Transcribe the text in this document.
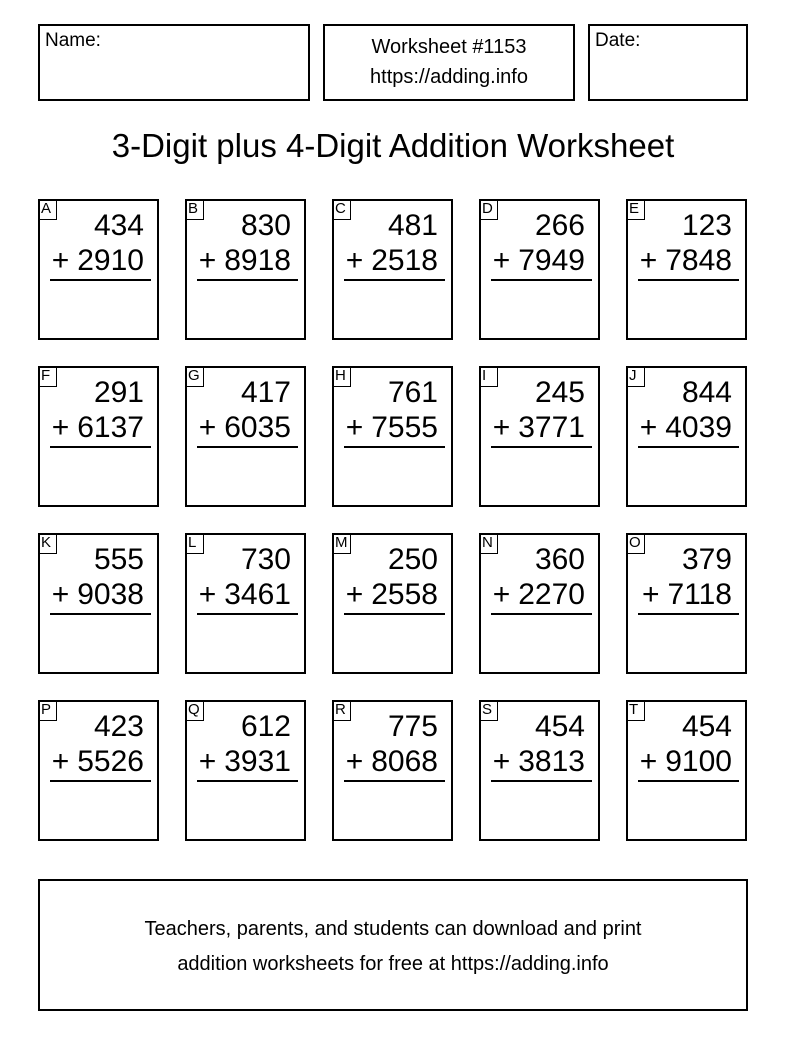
Name:	Worksheet #1153
https://adding.info
Date:
3-Digit plus 4-Digit Addition Worksheet
A
434
+ 2910
B
830
+ 8918
C
481
+ 2518
D
266
+ 7949
E
123
+ 7848
F
291
+ 6137
G
417
+ 6035
H
761
+ 7555
I
245
+ 3771
J
844
+ 4039
K
555
+ 9038
L
730
+ 3461
M
250
+ 2558
N
360
+ 2270
O
379
+ 7118
P
423
+ 5526
Q
612
+ 3931
R
775
+ 8068
S
454
+ 3813
T
454
+ 9100
Teachers, parents, and students can download and print
addition worksheets for free at https://adding.info
